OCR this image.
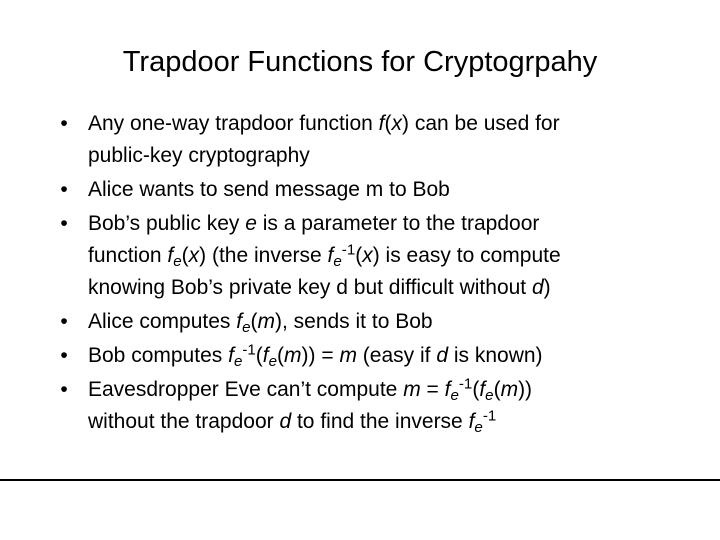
Trapdoor Functions for Cryptogrpahy
• Any one-way trapdoor function f(x) can be used for
public-key cryptography
• Alice wants to send message m to Bob
• Bob’s public key e is a parameter to the trapdoor
function $f_e(x)$ (the inverse $f_e^{-1}(x)$ is easy to compute
knowing Bob’s private key d but difficult without d)
• Alice computes $f_e(m)$, sends it to Bob
• Bob computes $f_e^{-1}(f_e(m)) = m$ (easy if d is known)
• Eavesdropper Eve can’t compute $m = f_e^{-1}(f_e(m))$
without the trapdoor d to find the inverse $f_e^{-1}$
